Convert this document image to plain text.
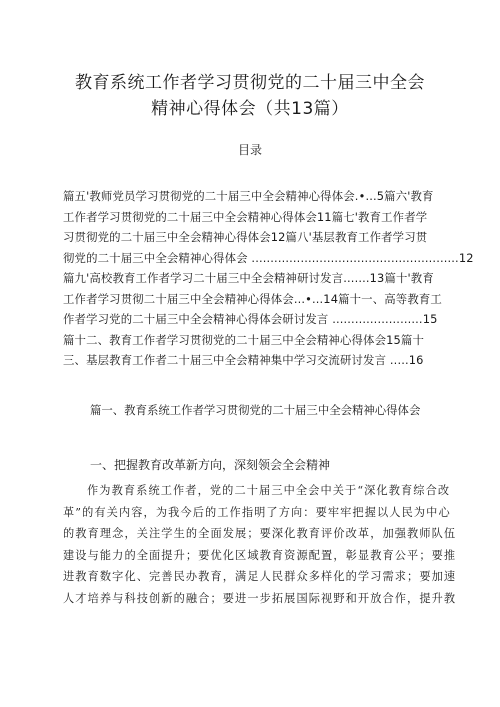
教育系统工作者学习贯彻党的二十届三中全会
精神心得体会（共13篇）
目录
篇五'教师党员学习贯彻党的二十届三中全会精神心得体会.•...5篇六'教育
工作者学习贯彻党的二十届三中全会精神心得体会11篇七'教育工作者学
习贯彻党的二十届三中全会精神心得体会12篇八'基层教育工作者学习贯
彻党的二十届三中全会精神心得体会 .......................................................12
篇九'高校教育工作者学习二十届三中全会精神研讨发言.......13篇十'教育
工作者学习贯彻二十届三中全会精神心得体会...•...14篇十一、高等教育工
作者学习党的二十届三中全会精神心得体会研讨发言 ........................15
篇十二、教育工作者学习贯彻党的二十届三中全会精神心得体会15篇十
三、基层教育工作者二十届三中全会精神集中学习交流研讨发言 .....16
篇一、教育系统工作者学习贯彻党的二十届三中全会精神心得体会
一、把握教育改革新方向，深刻领会全会精神
作为教育系统工作者，党的二十届三中全会中关于“深化教育综合改
革”的有关内容，为我今后的工作指明了方向：要牢牢把握以人民为中心
的教育理念，关注学生的全面发展；要深化教育评价改革，加强教师队伍
建设与能力的全面提升；要优化区域教育资源配置，彰显教育公平；要推
进教育数字化、完善民办教育，满足人民群众多样化的学习需求；要加速
人才培养与科技创新的融合；要进一步拓展国际视野和开放合作，提升教
